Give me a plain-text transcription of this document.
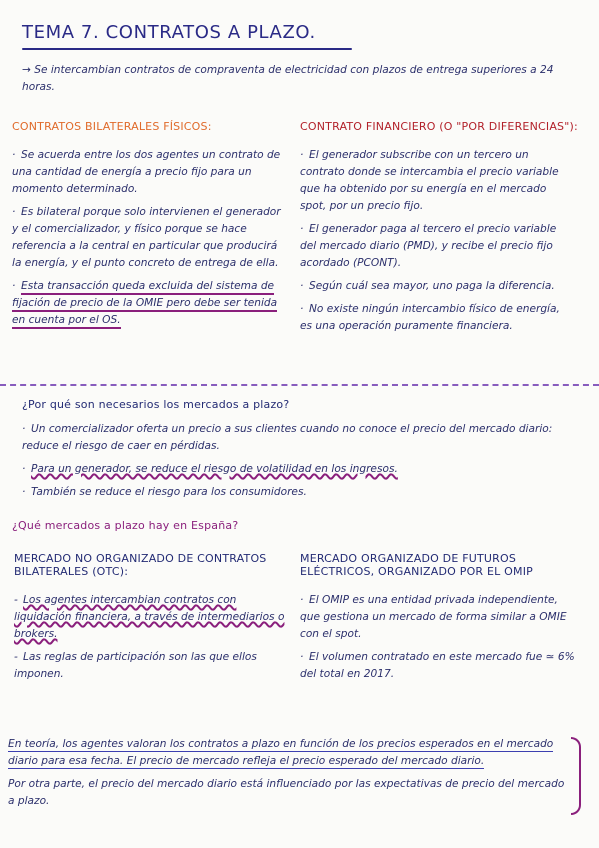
TEMA 7. CONTRATOS A PLAZO.
→ Se intercambian contratos de compraventa de electricidad con plazos de entrega superiores a 24 horas.
CONTRATOS BILATERALES FÍSICOS:
· Se acuerda entre los dos agentes un contrato de una cantidad de energía a precio fijo para un momento determinado.
· Es bilateral porque solo intervienen el generador y el comercializador, y físico porque se hace referencia a la central en particular que producirá la energía, y el punto concreto de entrega de ella.
· Esta transacción queda excluida del sistema de fijación de precio de la OMIE pero debe ser tenida en cuenta por el OS.
CONTRATO FINANCIERO (O "POR DIFERENCIAS"):
· El generador subscribe con un tercero un contrato donde se intercambia el precio variable que ha obtenido por su energía en el mercado spot, por un precio fijo.
· El generador paga al tercero el precio variable del mercado diario (PMD), y recibe el precio fijo acordado (PCONT).
· Según cuál sea mayor, uno paga la diferencia.
· No existe ningún intercambio físico de energía, es una operación puramente financiera.
¿Por qué son necesarios los mercados a plazo?
· Un comercializador oferta un precio a sus clientes cuando no conoce el precio del mercado diario: reduce el riesgo de caer en pérdidas.
· Para un generador, se reduce el riesgo de volatilidad en los ingresos.
· También se reduce el riesgo para los consumidores.
¿Qué mercados a plazo hay en España?
MERCADO NO ORGANIZADO DE CONTRATOS BILATERALES (OTC):
- Los agentes intercambian contratos con liquidación financiera, a través de intermediarios o brokers.
- Las reglas de participación son las que ellos imponen.
MERCADO ORGANIZADO DE FUTUROS ELÉCTRICOS, ORGANIZADO POR EL OMIP
· El OMIP es una entidad privada independiente, que gestiona un mercado de forma similar a OMIE con el spot.
· El volumen contratado en este mercado fue ≃ 6% del total en 2017.
En teoría, los agentes valoran los contratos a plazo en función de los precios esperados en el mercado diario para esa fecha. El precio de mercado refleja el precio esperado del mercado diario.
Por otra parte, el precio del mercado diario está influenciado por las expectativas de precio del mercado a plazo.
